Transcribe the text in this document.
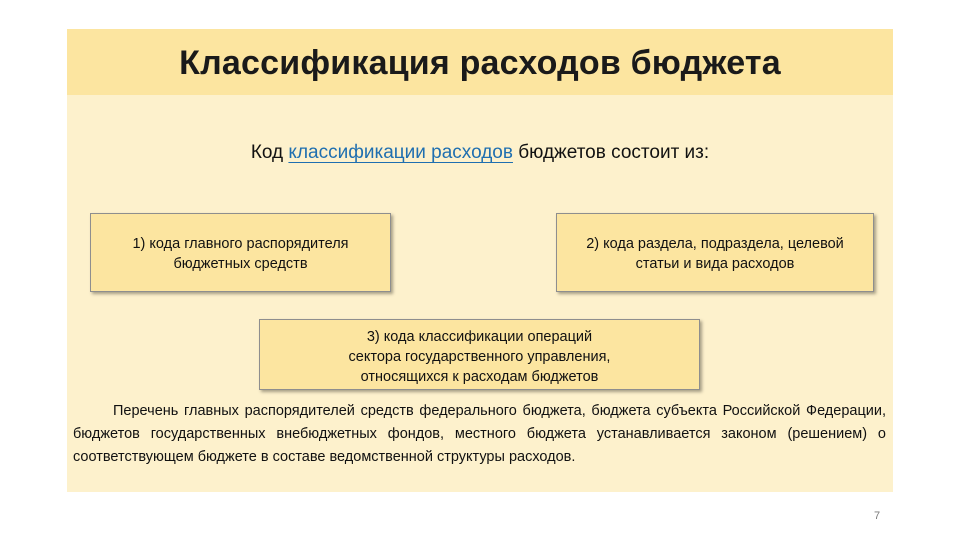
Классификация расходов бюджета
Код классификации расходов бюджетов состоит из:
1) кода главного распорядителя
бюджетных средств
2) кода раздела, подраздела, целевой
статьи и вида расходов
3) кода классификации операций
сектора государственного управления,
относящихся к расходам бюджетов
Перечень главных распорядителей средств федерального бюджета, бюджета субъекта Российской Федерации, бюджетов государственных внебюджетных фондов, местного бюджета устанавливается законом (решением) о соответствующем бюджете в составе ведомственной структуры расходов.
7
